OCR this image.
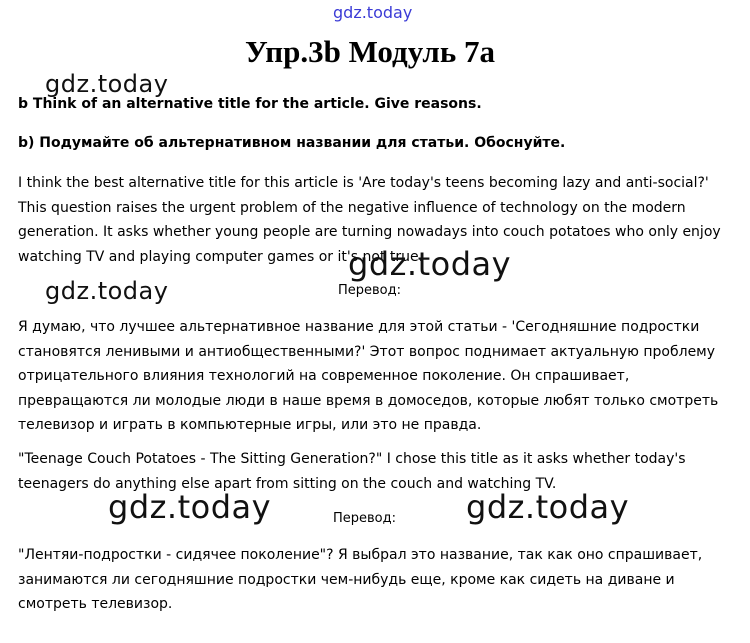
gdz.today
Упр.3b Модуль 7а
gdz.today
b Think of an alternative title for the article. Give reasons.
b) Подумайте об альтернативном названии для статьи. Обоснуйте.

I think the best alternative title for this article is 'Are today's teens becoming lazy and anti-social?' This question raises the urgent problem of the negative influence of technology on the modern generation. It asks whether young people are turning nowadays into couch potatoes who only enjoy watching TV and playing computer games or it's not true.

gdz.today
gdz.today	Перевод:

Я думаю, что лучшее альтернативное название для этой статьи - 'Сегодняшние подростки становятся ленивыми и антиобщественными?' Этот вопрос поднимает актуальную проблему отрицательного влияния технологий на современное поколение. Он спрашивает, превращаются ли молодые люди в наше время в домоседов, которые любят только смотреть телевизор и играть в компьютерные игры, или это не правда.

"Teenage Couch Potatoes - The Sitting Generation?" I chose this title as it asks whether today's teenagers do anything else apart from sitting on the couch and watching TV.

gdz.today	Перевод: gdz.today

"Лентяи-подростки - сидячее поколение"? Я выбрал это название, так как оно спрашивает, занимаются ли сегодняшние подростки чем-нибудь еще, кроме как сидеть на диване и смотреть телевизор.
